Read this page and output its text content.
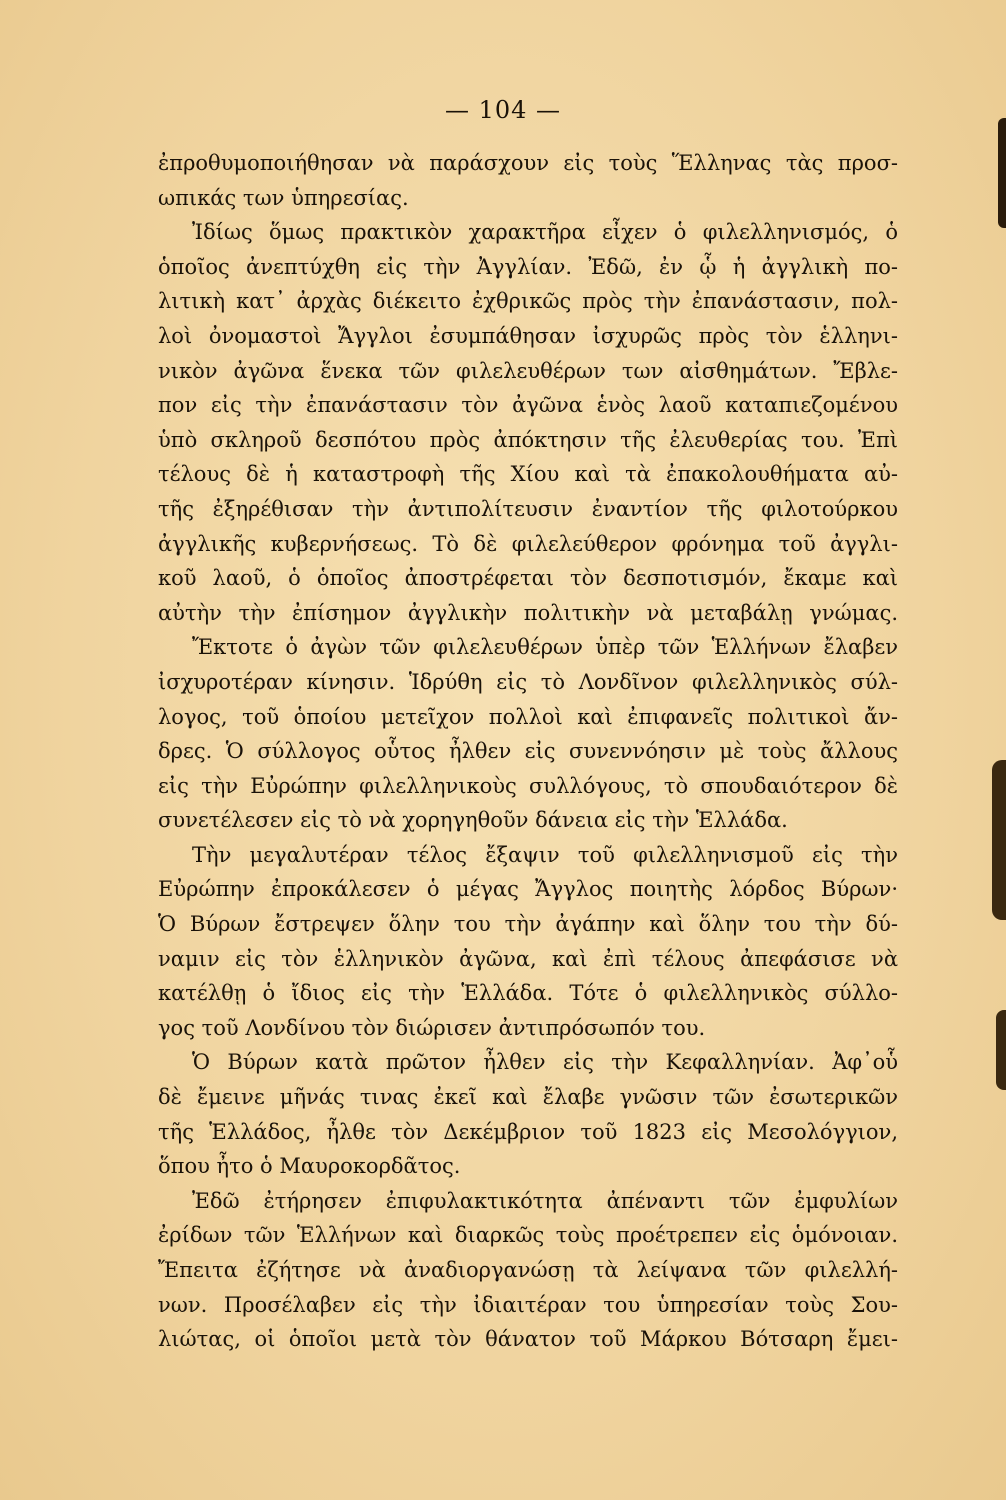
— 104 —
ἐπροθυμοποιήθησαν νὰ παράσχουν εἰς τοὺς Ἕλληνας τὰς προσ-
ωπικάς των ὑπηρεσίας.
Ἰδίως ὅμως πρακτικὸν χαρακτῆρα εἶχεν ὁ φιλελληνισμός, ὁ
ὁποῖος ἀνεπτύχθη εἰς τὴν Ἀγγλίαν. Ἐδῶ, ἐν ᾧ ἡ ἀγγλικὴ πο-
λιτικὴ κατ᾽ ἀρχὰς διέκειτο ἐχθρικῶς πρὸς τὴν ἐπανάστασιν, πολ-
λοὶ ὀνομαστοὶ Ἄγγλοι ἐσυμπάθησαν ἰσχυρῶς πρὸς τὸν ἑλληνι-
νικὸν ἀγῶνα ἕνεκα τῶν φιλελευθέρων των αἰσθημάτων. Ἔβλε-
πον εἰς τὴν ἐπανάστασιν τὸν ἀγῶνα ἑνὸς λαοῦ καταπιεζομένου
ὑπὸ σκληροῦ δεσπότου πρὸς ἀπόκτησιν τῆς ἐλευθερίας του. Ἐπὶ
τέλους δὲ ἡ καταστροφὴ τῆς Χίου καὶ τὰ ἐπακολουθήματα αὐ-
τῆς ἐξηρέθισαν τὴν ἀντιπολίτευσιν ἐναντίον τῆς φιλοτούρκου
ἀγγλικῆς κυβερνήσεως. Τὸ δὲ φιλελεύθερον φρόνημα τοῦ ἀγγλι-
κοῦ λαοῦ, ὁ ὁποῖος ἀποστρέφεται τὸν δεσποτισμόν, ἔκαμε καὶ
αὐτὴν τὴν ἐπίσημον ἀγγλικὴν πολιτικὴν νὰ μεταβάλῃ γνώμας.
Ἔκτοτε ὁ ἀγὼν τῶν φιλελευθέρων ὑπὲρ τῶν Ἑλλήνων ἔλαβεν
ἰσχυροτέραν κίνησιν. Ἱδρύθη εἰς τὸ Λονδῖνον φιλελληνικὸς σύλ-
λογος, τοῦ ὁποίου μετεῖχον πολλοὶ καὶ ἐπιφανεῖς πολιτικοὶ ἄν-
δρες. Ὁ σύλλογος οὗτος ἦλθεν εἰς συνεννόησιν μὲ τοὺς ἄλλους
εἰς τὴν Εὐρώπην φιλελληνικοὺς συλλόγους, τὸ σπουδαιότερον δὲ
συνετέλεσεν εἰς τὸ νὰ χορηγηθοῦν δάνεια εἰς τὴν Ἑλλάδα.
Τὴν μεγαλυτέραν τέλος ἔξαψιν τοῦ φιλελληνισμοῦ εἰς τὴν
Εὐρώπην ἐπροκάλεσεν ὁ μέγας Ἄγγλος ποιητὴς λόρδος Βύρων·
Ὁ Βύρων ἔστρεψεν ὅλην του τὴν ἀγάπην καὶ ὅλην του τὴν δύ-
ναμιν εἰς τὸν ἑλληνικὸν ἀγῶνα, καὶ ἐπὶ τέλους ἀπεφάσισε νὰ
κατέλθῃ ὁ ἴδιος εἰς τὴν Ἑλλάδα. Τότε ὁ φιλελληνικὸς σύλλο-
γος τοῦ Λονδίνου τὸν διώρισεν ἀντιπρόσωπόν του.
Ὁ Βύρων κατὰ πρῶτον ἦλθεν εἰς τὴν Κεφαλληνίαν. Ἀφ᾽οὗ
δὲ ἔμεινε μῆνάς τινας ἐκεῖ καὶ ἔλαβε γνῶσιν τῶν ἐσωτερικῶν
τῆς Ἑλλάδος, ἦλθε τὸν Δεκέμβριον τοῦ 1823 εἰς Μεσολόγγιον,
ὅπου ἦτο ὁ Μαυροκορδᾶτος.
Ἐδῶ ἐτήρησεν ἐπιφυλακτικότητα ἀπέναντι τῶν ἐμφυλίων
ἐρίδων τῶν Ἑλλήνων καὶ διαρκῶς τοὺς προέτρεπεν εἰς ὁμόνοιαν.
Ἔπειτα ἐζήτησε νὰ ἀναδιοργανώσῃ τὰ λείψανα τῶν φιλελλή-
νων. Προσέλαβεν εἰς τὴν ἰδιαιτέραν του ὑπηρεσίαν τοὺς Σου-
λιώτας, οἱ ὁποῖοι μετὰ τὸν θάνατον τοῦ Μάρκου Βότσαρη ἔμει-
